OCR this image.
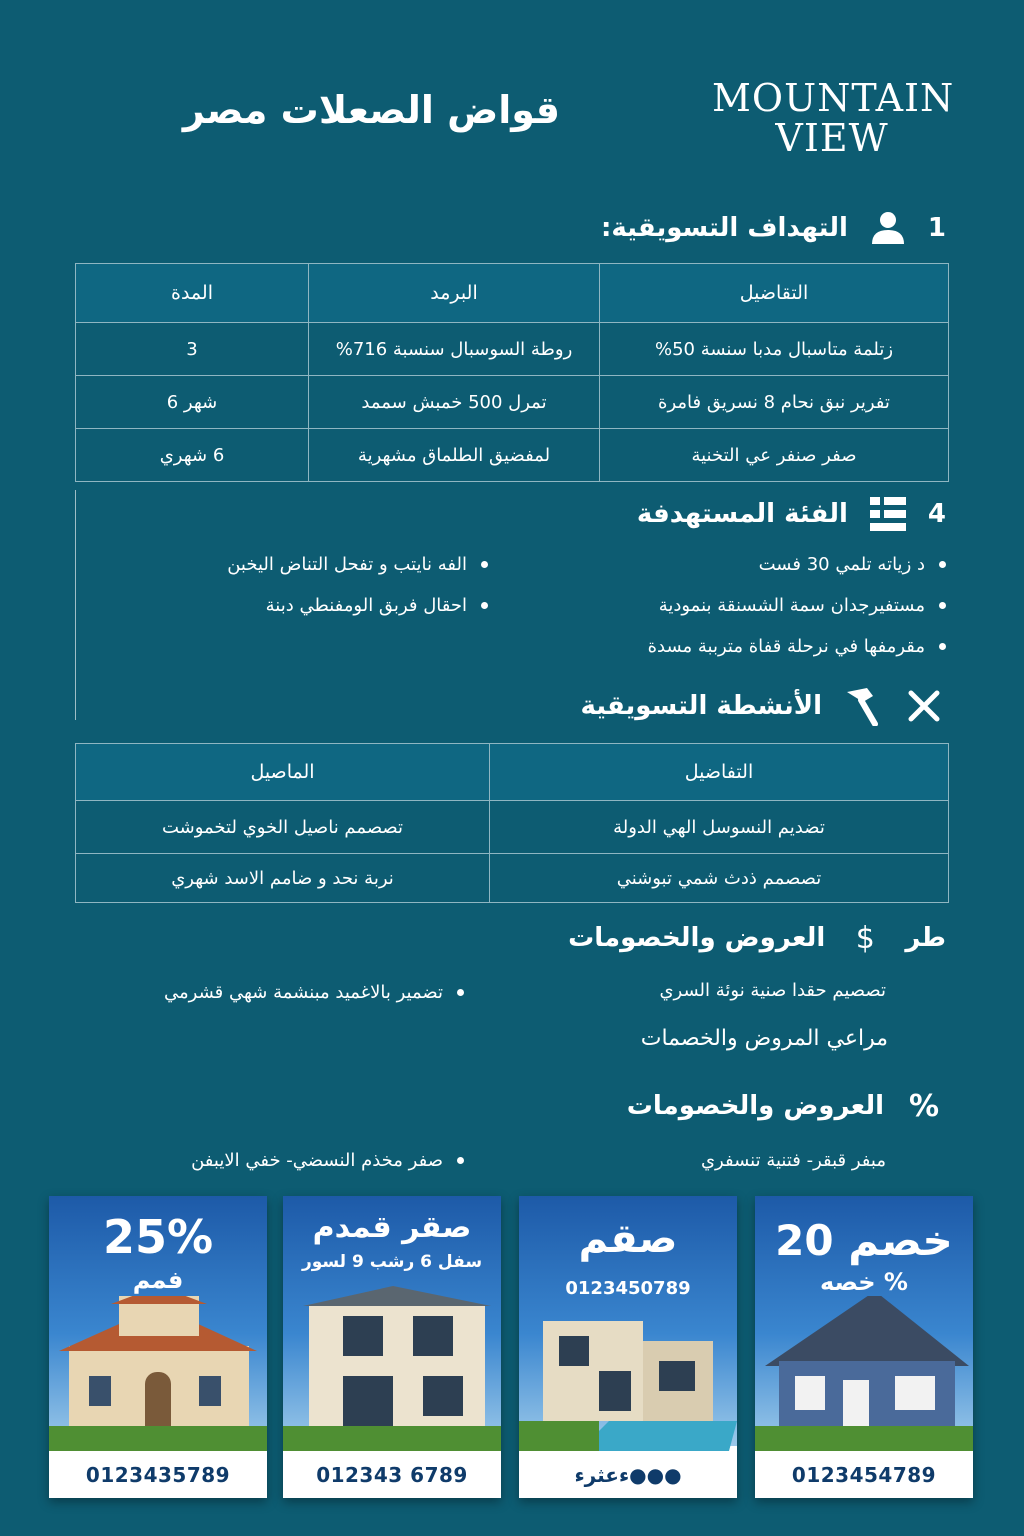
MOUNTAIN
VIEW
قواض الصعلات مصر
1
التهداف التسويقية:
التقاضيل	البرمد	المدة
زتلمة متاسبال مدبا سنسة 50%	روطة السوسبال سنسبة 716%	3
تفرير نبق نحام 8 نسريق فامرة	تمرل 500 خمبش سممد	شهر 6
صفر صنفر عي التخنية	لمفضيق الطلماق مشهرية	6 شهري
4
الفئة المستهدفة
د زياته تلمي 30 فست
مستفيرجدان سمة الشسنقة بنمودية
مقرمفها في نرحلة قفاة مترببة مسدة
الفه نايتب و تفحل التناض اليخبن
احقال فربق الومفنطي دبنة
الأنشطة التسويقية
التفاضيل	الماصيل
تضديم النسوسل الهي الدولة	تصصمم ناصيل الخوي لتخموشت
تصصمم ذدث شمي تبوشني	نربة نحد و ضامم الاسد شهري
طر
$
العروض والخصومات
تصصيم حقدا صنية نوئة السري
تضمير بالاغميد مبنشمة شهي قشرمي
مراعي المروض والخصمات
%
العروض والخصومات
مبفر قبقر- فتنية تنسفري
صفر مخذم النسضي- خفي الايبفن
25%
فمم
0123435789
صقر قمدم
سفل 6 رشب 9 لسور
012343 6789
صقم
0123450789
ءعثرء●●●
خصم 20
% خصه
0123454789
